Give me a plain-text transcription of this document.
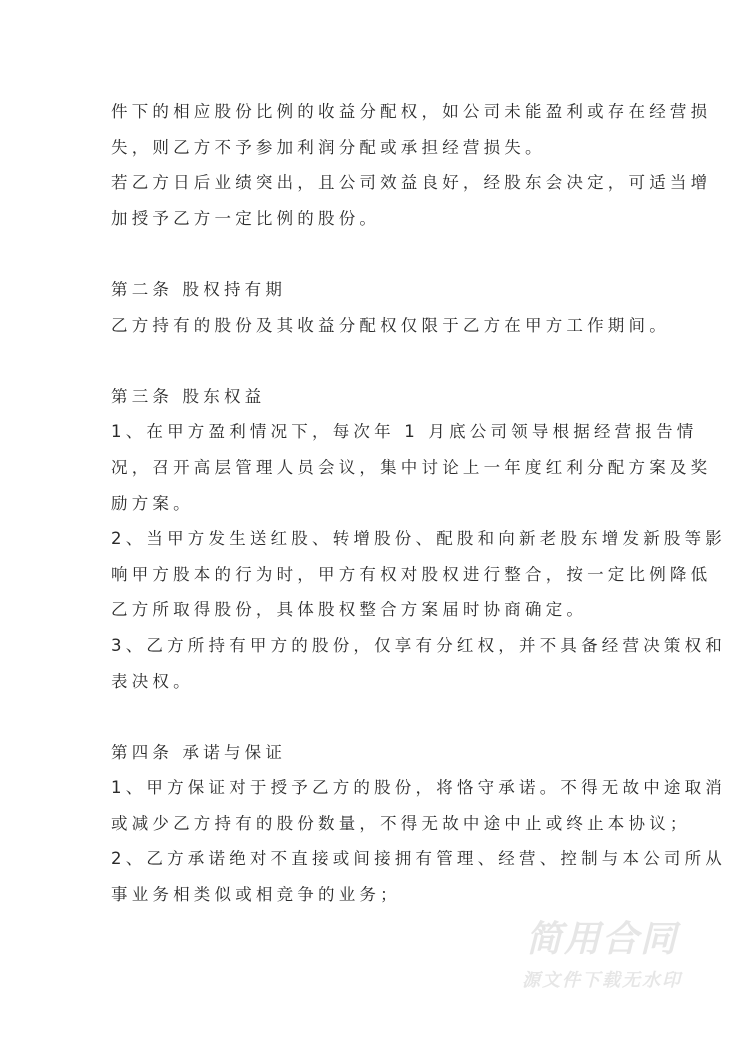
件下的相应股份比例的收益分配权，如公司未能盈利或存在经营损
失，则乙方不予参加利润分配或承担经营损失。
若乙方日后业绩突出，且公司效益良好，经股东会决定，可适当增
加授予乙方一定比例的股份。
第二条 股权持有期
乙方持有的股份及其收益分配权仅限于乙方在甲方工作期间。
第三条 股东权益
1、在甲方盈利情况下，每次年 1 月底公司领导根据经营报告情
况，召开高层管理人员会议，集中讨论上一年度红利分配方案及奖
励方案。
2、当甲方发生送红股、转增股份、配股和向新老股东增发新股等影
响甲方股本的行为时，甲方有权对股权进行整合，按一定比例降低
乙方所取得股份，具体股权整合方案届时协商确定。
3、乙方所持有甲方的股份，仅享有分红权，并不具备经营决策权和
表决权。
第四条 承诺与保证
1、甲方保证对于授予乙方的股份，将恪守承诺。不得无故中途取消
或减少乙方持有的股份数量，不得无故中途中止或终止本协议；
2、乙方承诺绝对不直接或间接拥有管理、经营、控制与本公司所从
事业务相类似或相竞争的业务；
简用合同
源文件下载无水印
